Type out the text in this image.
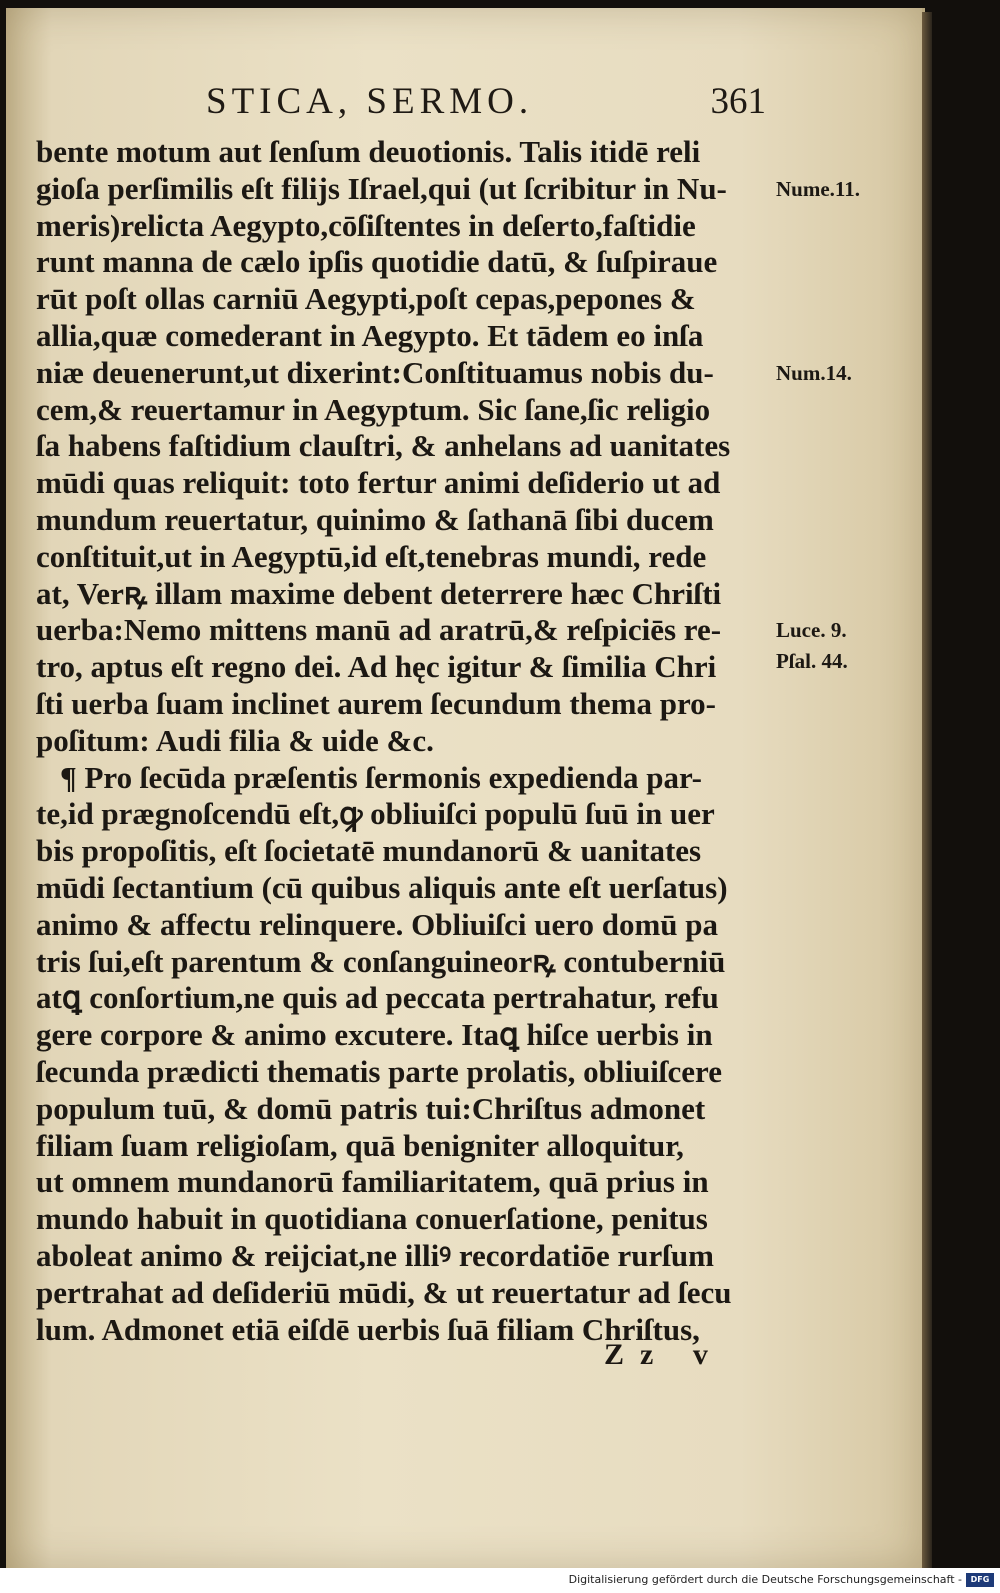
STICA, SERMO.	361
bente motum aut ſenſum deuotionis. Talis itidē reli
gioſa perſimilis eſt filijs Iſrael,qui (ut ſcribitur in Nu-
meris)relicta Aegypto,cōſiſtentes in deſerto,faſtidie
runt manna de cælo ipſis quotidie datū, & ſuſpiraue
rūt poſt ollas carniū Aegypti,poſt cepas,pepones &
allia,quæ comederant in Aegypto. Et tādem eo inſa
niæ deuenerunt,ut dixerint:Conſtituamus nobis du-
cem,& reuertamur in Aegyptum. Sic ſane,ſic religio
ſa habens faſtidium clauſtri, & anhelans ad uanitates
mūdi quas reliquit: toto fertur animi deſiderio ut ad
mundum reuertatur, quinimo & ſathanā ſibi ducem
conſtituit,ut in Aegyptū,id eſt,tenebras mundi, rede
at, Verꝶ illam maxime debent deterrere hæc Chriſti
uerba:Nemo mittens manū ad aratrū,& reſpiciēs re-
tro, aptus eſt regno dei. Ad hęc igitur & ſimilia Chri
ſti uerba ſuam inclinet aurem ſecundum thema pro-
poſitum: Audi filia & uide &c.
¶ Pro ſecūda præſentis ſermonis expedienda par-
te,id prægnoſcendū eſt,ꝙ obliuiſci populū ſuū in uer
bis propoſitis, eſt ſocietatē mundanorū & uanitates
mūdi ſectantium (cū quibus aliquis ante eſt uerſatus)
animo & affectu relinquere. Obliuiſci uero domū pa
tris ſui,eſt parentum & conſanguineorꝶ contuberniū
atꝗ conſortium,ne quis ad peccata pertrahatur, refu
gere corpore & animo excutere. Itaꝗ hiſce uerbis in
ſecunda prædicti thematis parte prolatis, obliuiſcere
populum tuū, & domū patris tui:Chriſtus admonet
filiam ſuam religioſam, quā benigniter alloquitur,
ut omnem mundanorū familiaritatem, quā prius in
mundo habuit in quotidiana conuerſatione, penitus
aboleat animo & reijciat,ne illiꝰ recordatiōe rurſum
pertrahat ad deſideriū mūdi, & ut reuertatur ad ſecu
lum. Admonet etiā eiſdē uerbis ſuā filiam Chriſtus,
Nume.11.
Num.14.
Luce. 9.
Pſal. 44.
Zz v
Digitalisierung gefördert durch die Deutsche Forschungsgemeinschaft -	DFG
